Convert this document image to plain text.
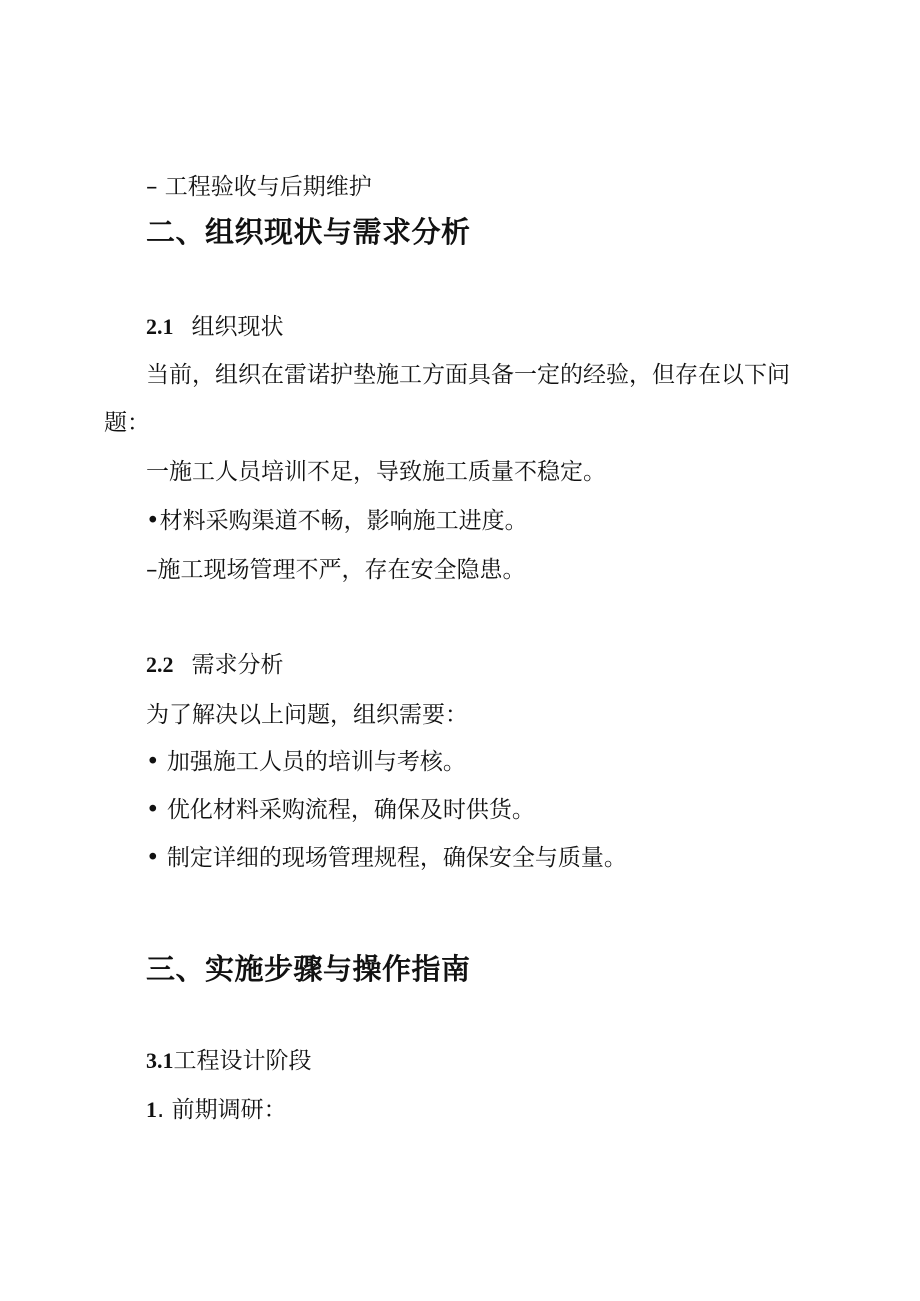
– 工程验收与后期维护
二、组织现状与需求分析
2.1 组织现状
当前，组织在雷诺护垫施工方面具备一定的经验，但存在以下问
题：
一施工人员培训不足，导致施工质量不稳定。
•材料采购渠道不畅，影响施工进度。
–施工现场管理不严，存在安全隐患。
2.2 需求分析
为了解决以上问题，组织需要：
• 加强施工人员的培训与考核。
• 优化材料采购流程，确保及时供货。
• 制定详细的现场管理规程，确保安全与质量。
三、实施步骤与操作指南
3.1工程设计阶段
1. 前期调研：
